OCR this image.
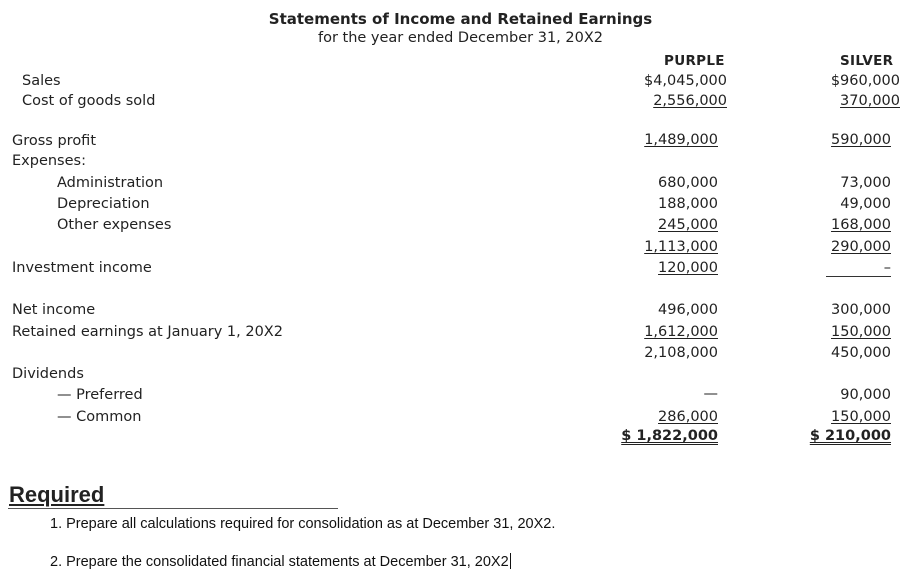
Statements of Income and Retained Earnings
for the year ended December 31, 20X2
PURPLE	SILVER
Sales	$4,045,000	$960,000
Cost of goods sold	2,556,000	370,000
Gross profit	1,489,000	590,000
Expenses:
Administration	680,000	73,000
Depreciation	188,000	49,000
Other expenses	245,000	168,000
1,113,000	290,000
Investment income	120,000	–
Net income	496,000	300,000
Retained earnings at January 1, 20X2	1,612,000	150,000
2,108,000	450,000
Dividends
— Preferred	—	90,000
— Common	286,000	150,000
$ 1,822,000	$ 210,000
Required
1. Prepare all calculations required for consolidation as at December 31, 20X2.
2. Prepare the consolidated financial statements at December 31, 20X2
